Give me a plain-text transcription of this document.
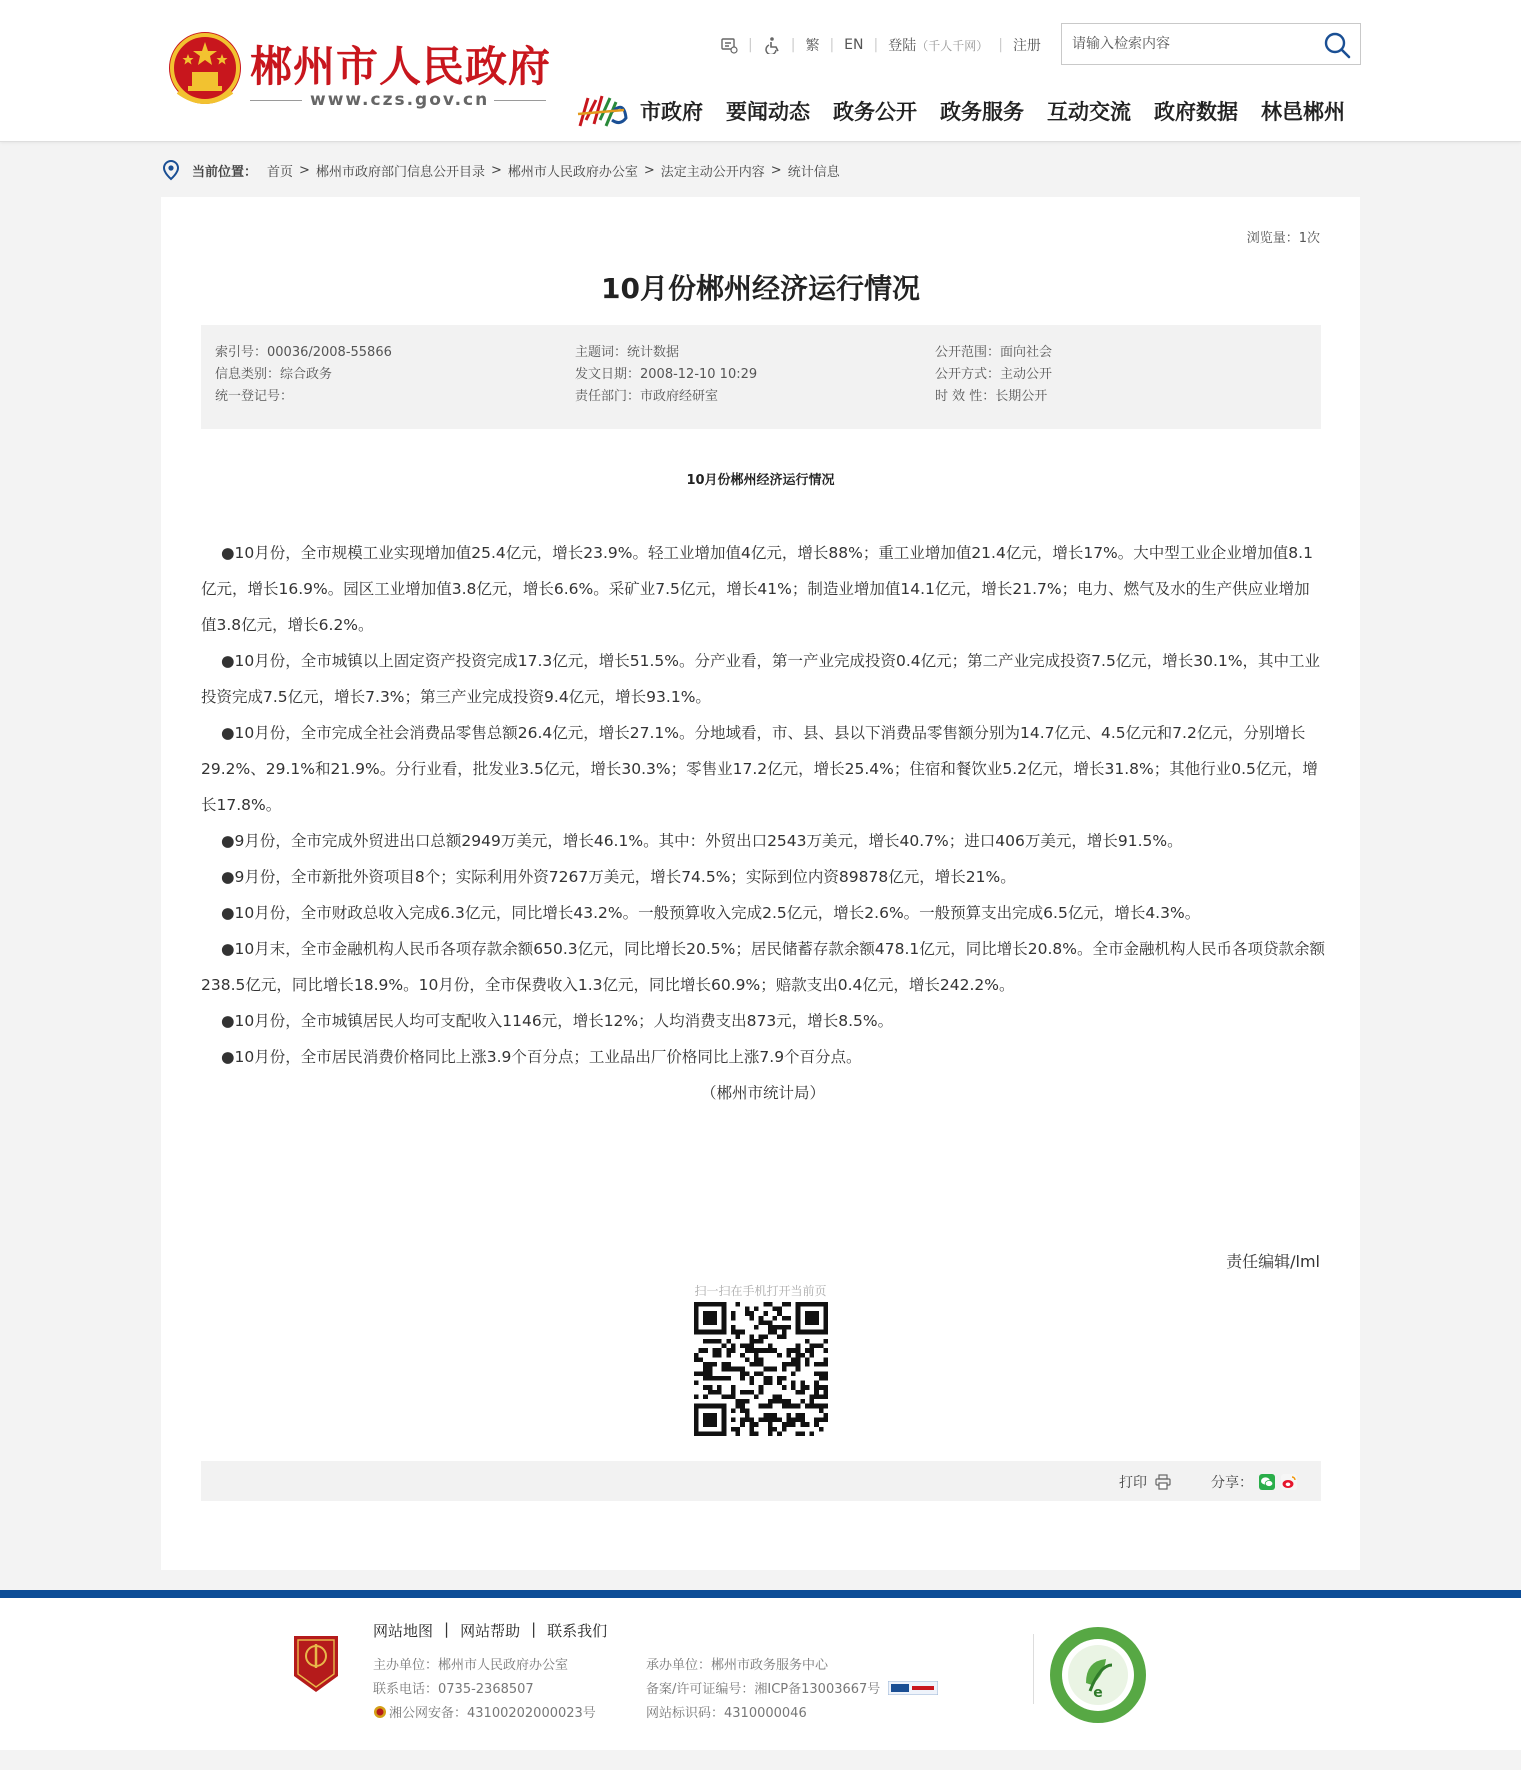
郴州市人民政府
www.czs.gov.cn
|	| 繁 | EN | 登陆 （千人千网） | 注册
请输入检索内容
市政府 要闻动态 政务公开 政务服务 互动交流 政府数据 林邑郴州
当前位置： 首页 > 郴州市政府部门信息公开目录 > 郴州市人民政府办公室 > 法定主动公开内容 > 统计信息
浏览量：1次
10月份郴州经济运行情况
索引号：00036/2008-55866
信息类别：综合政务
统一登记号：
主题词：统计数据
发文日期：2008-12-10 10:29
责任部门：市政府经研室
公开范围：面向社会
公开方式：主动公开
时 效 性：长期公开
10月份郴州经济运行情况

●10月份，全市规模工业实现增加值25.4亿元，增长23.9%。轻工业增加值4亿元，增长88%；重工业增加值21.4亿元，增长17%。大中型工业企业增加值8.1亿元，增长16.9%。园区工业增加值3.8亿元，增长6.6%。采矿业7.5亿元，增长41%；制造业增加值14.1亿元，增长21.7%；电力、燃气及水的生产供应业增加值3.8亿元，增长6.2%。

●10月份，全市城镇以上固定资产投资完成17.3亿元，增长51.5%。分产业看，第一产业完成投资0.4亿元；第二产业完成投资7.5亿元，增长30.1%，其中工业投资完成7.5亿元，增长7.3%；第三产业完成投资9.4亿元，增长93.1%。

●10月份，全市完成全社会消费品零售总额26.4亿元，增长27.1%。分地域看，市、县、县以下消费品零售额分别为14.7亿元、4.5亿元和7.2亿元，分别增长29.2%、29.1%和21.9%。分行业看，批发业3.5亿元，增长30.3%；零售业17.2亿元，增长25.4%；住宿和餐饮业5.2亿元，增长31.8%；其他行业0.5亿元，增长17.8%。

●9月份，全市完成外贸进出口总额2949万美元，增长46.1%。其中：外贸出口2543万美元，增长40.7%；进口406万美元，增长91.5%。

●9月份，全市新批外资项目8个；实际利用外资7267万美元，增长74.5%；实际到位内资89878亿元，增长21%。

●10月份，全市财政总收入完成6.3亿元，同比增长43.2%。一般预算收入完成2.5亿元，增长2.6%。一般预算支出完成6.5亿元，增长4.3%。

●10月末，全市金融机构人民币各项存款余额650.3亿元，同比增长20.5%；居民储蓄存款余额478.1亿元，同比增长20.8%。全市金融机构人民币各项贷款余额238.5亿元，同比增长18.9%。10月份，全市保费收入1.3亿元，同比增长60.9%；赔款支出0.4亿元，增长242.2%。

●10月份，全市城镇居民人均可支配收入1146元，增长12%；人均消费支出873元，增长8.5%。

●10月份，全市居民消费价格同比上涨3.9个百分点；工业品出厂价格同比上涨7.9个百分点。

（郴州市统计局）

责任编辑/lml
扫一扫在手机打开当前页
打印	分享：
网站地图 | 网站帮助 | 联系我们
主办单位：郴州市人民政府办公室
联系电话：0735-2368507
湘公网安备：43100202000023号
承办单位：郴州市政务服务中心
备案/许可证编号：湘ICP备13003667号
网站标识码：4310000046
e
